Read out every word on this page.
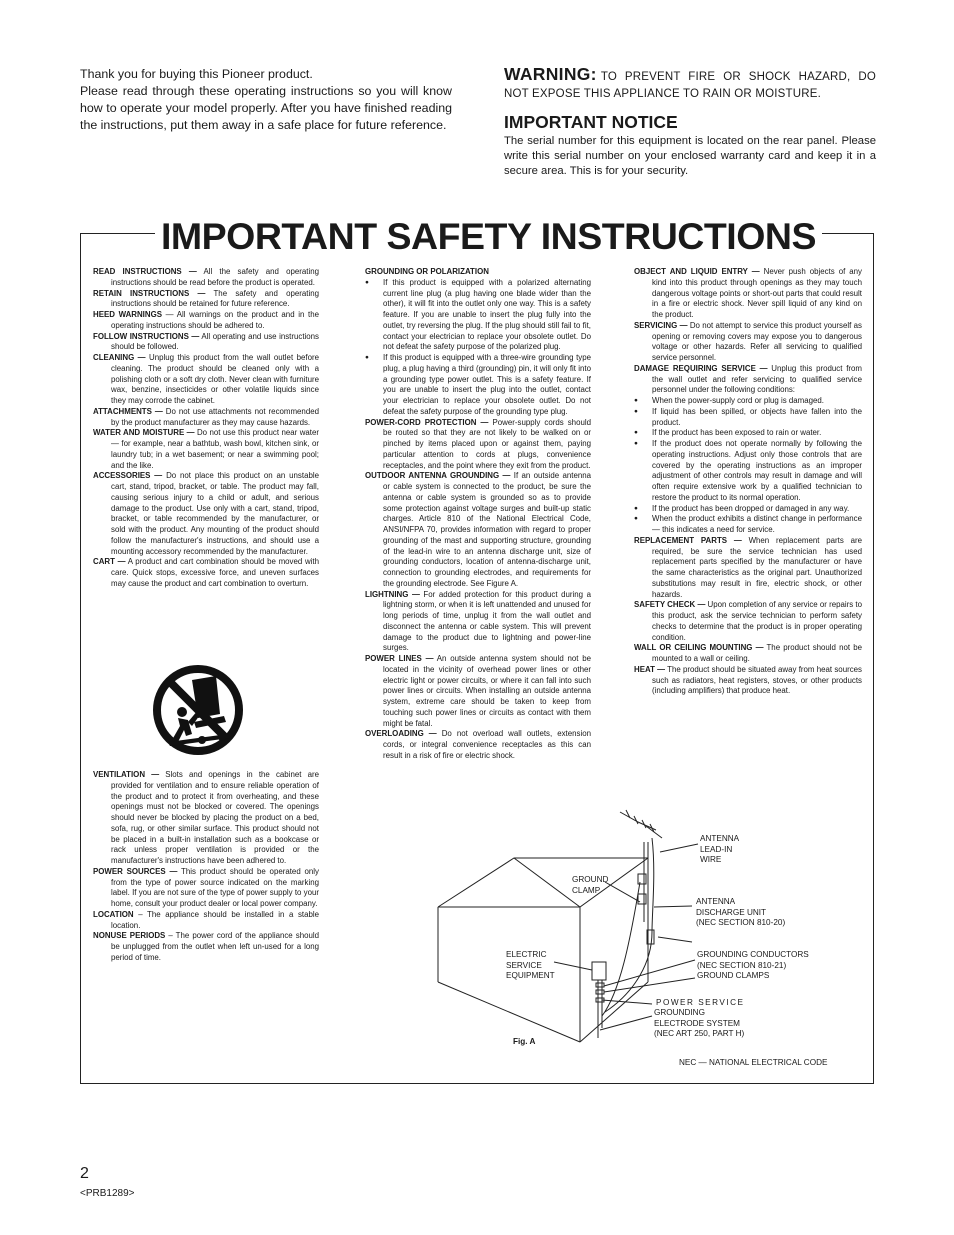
Thank you for buying this Pioneer product.

Please read through these operating instructions so you will know how to operate your model properly. After you have finished reading the instructions, put them away in a safe place for future reference.

WARNING: TO PREVENT FIRE OR SHOCK HAZARD, DO NOT EXPOSE THIS APPLIANCE TO RAIN OR MOISTURE.
IMPORTANT NOTICE
The serial number for this equipment is located on the rear panel. Please write this serial number on your enclosed warranty card and keep it in a secure area. This is for your security.
IMPORTANT SAFETY INSTRUCTIONS

READ INSTRUCTIONS — All the safety and operating instructions should be read before the product is operated.

RETAIN INSTRUCTIONS — The safety and operating instructions should be retained for future reference.

HEED WARNINGS — All warnings on the product and in the operating instructions should be adhered to.

FOLLOW INSTRUCTIONS — All operating and use instructions should be followed.

CLEANING — Unplug this product from the wall outlet before cleaning. The product should be cleaned only with a polishing cloth or a soft dry cloth. Never clean with furniture wax, benzine, insecticides or other volatile liquids since they may corrode the cabinet.

ATTACHMENTS — Do not use attachments not recommended by the product manufacturer as they may cause hazards.

WATER AND MOISTURE — Do not use this product near water — for example, near a bathtub, wash bowl, kitchen sink, or laundry tub; in a wet basement; or near a swimming pool; and the like.

ACCESSORIES — Do not place this product on an unstable cart, stand, tripod, bracket, or table. The product may fall, causing serious injury to a child or adult, and serious damage to the product. Use only with a cart, stand, tripod, bracket, or table recommended by the manufacturer, or sold with the product. Any mounting of the product should follow the manufacturer's instructions, and should use a mounting accessory recommended by the manufacturer.

CART — A product and cart combination should be moved with care. Quick stops, excessive force, and uneven surfaces may cause the product and cart combination to overturn.

VENTILATION — Slots and openings in the cabinet are provided for ventilation and to ensure reliable operation of the product and to protect it from overheating, and these openings must not be blocked or covered. The openings should never be blocked by placing the product on a bed, sofa, rug, or other similar surface. This product should not be placed in a built-in installation such as a bookcase or rack unless proper ventilation is provided or the manufacturer's instructions have been adhered to.

POWER SOURCES — This product should be operated only from the type of power source indicated on the marking label. If you are not sure of the type of power supply to your home, consult your product dealer or local power company.

LOCATION – The appliance should be installed in a stable location.

NONUSE PERIODS – The power cord of the appliance should be unplugged from the outlet when left un-used for a long period of time.

GROUNDING OR POLARIZATION

● If this product is equipped with a polarized alternating current line plug (a plug having one blade wider than the other), it will fit into the outlet only one way. This is a safety feature. If you are unable to insert the plug fully into the outlet, try reversing the plug. If the plug should still fail to fit, contact your electrician to replace your obsolete outlet. Do not defeat the safety purpose of the polarized plug.

● If this product is equipped with a three-wire grounding type plug, a plug having a third (grounding) pin, it will only fit into a grounding type power outlet. This is a safety feature. If you are unable to insert the plug into the outlet, contact your electrician to replace your obsolete outlet. Do not defeat the safety purpose of the grounding type plug.

POWER-CORD PROTECTION — Power-supply cords should be routed so that they are not likely to be walked on or pinched by items placed upon or against them, paying particular attention to cords at plugs, convenience receptacles, and the point where they exit from the product.

OUTDOOR ANTENNA GROUNDING — If an outside antenna or cable system is connected to the product, be sure the antenna or cable system is grounded so as to provide some protection against voltage surges and built-up static charges. Article 810 of the National Electrical Code, ANSI/NFPA 70, provides information with regard to proper grounding of the mast and supporting structure, grounding of the lead-in wire to an antenna discharge unit, size of grounding conductors, location of antenna-discharge unit, connection to grounding electrodes, and requirements for the grounding electrode. See Figure A.

LIGHTNING — For added protection for this product during a lightning storm, or when it is left unattended and unused for long periods of time, unplug it from the wall outlet and disconnect the antenna or cable system. This will prevent damage to the product due to lightning and power-line surges.

POWER LINES — An outside antenna system should not be located in the vicinity of overhead power lines or other electric light or power circuits, or where it can fall into such power lines or circuits. When installing an outside antenna system, extreme care should be taken to keep from touching such power lines or circuits as contact with them might be fatal.

OVERLOADING — Do not overload wall outlets, extension cords, or integral convenience receptacles as this can result in a risk of fire or electric shock.

OBJECT AND LIQUID ENTRY — Never push objects of any kind into this product through openings as they may touch dangerous voltage points or short-out parts that could result in a fire or electric shock. Never spill liquid of any kind on the product.

SERVICING — Do not attempt to service this product yourself as opening or removing covers may expose you to dangerous voltage or other hazards. Refer all servicing to qualified service personnel.

DAMAGE REQUIRING SERVICE — Unplug this product from the wall outlet and refer servicing to qualified service personnel under the following conditions:

● When the power-supply cord or plug is damaged.

● If liquid has been spilled, or objects have fallen into the product.

● If the product has been exposed to rain or water.

● If the product does not operate normally by following the operating instructions. Adjust only those controls that are covered by the operating instructions as an improper adjustment of other controls may result in damage and will often require extensive work by a qualified technician to restore the product to its normal operation.

● If the product has been dropped or damaged in any way.

● When the product exhibits a distinct change in performance — this indicates a need for service.

REPLACEMENT PARTS — When replacement parts are required, be sure the service technician has used replacement parts specified by the manufacturer or have the same characteristics as the original part. Unauthorized substitutions may result in fire, electric shock, or other hazards.

SAFETY CHECK — Upon completion of any service or repairs to this product, ask the service technician to perform safety checks to determine that the product is in proper operating condition.

WALL OR CEILING MOUNTING — The product should not be mounted to a wall or ceiling.

HEAT — The product should be situated away from heat sources such as radiators, heat registers, stoves, or other products (including amplifiers) that produce heat.

ANTENNA
LEAD-IN
WIRE
GROUND
CLAMP
ANTENNA
DISCHARGE UNIT
(NEC SECTION 810-20)
ELECTRIC
SERVICE
EQUIPMENT
GROUNDING CONDUCTORS
(NEC SECTION 810-21)
GROUND CLAMPS
POWER SERVICE
GROUNDING
ELECTRODE SYSTEM
(NEC ART 250, PART H)
Fig. A
NEC — NATIONAL ELECTRICAL CODE
2
<PRB1289>
